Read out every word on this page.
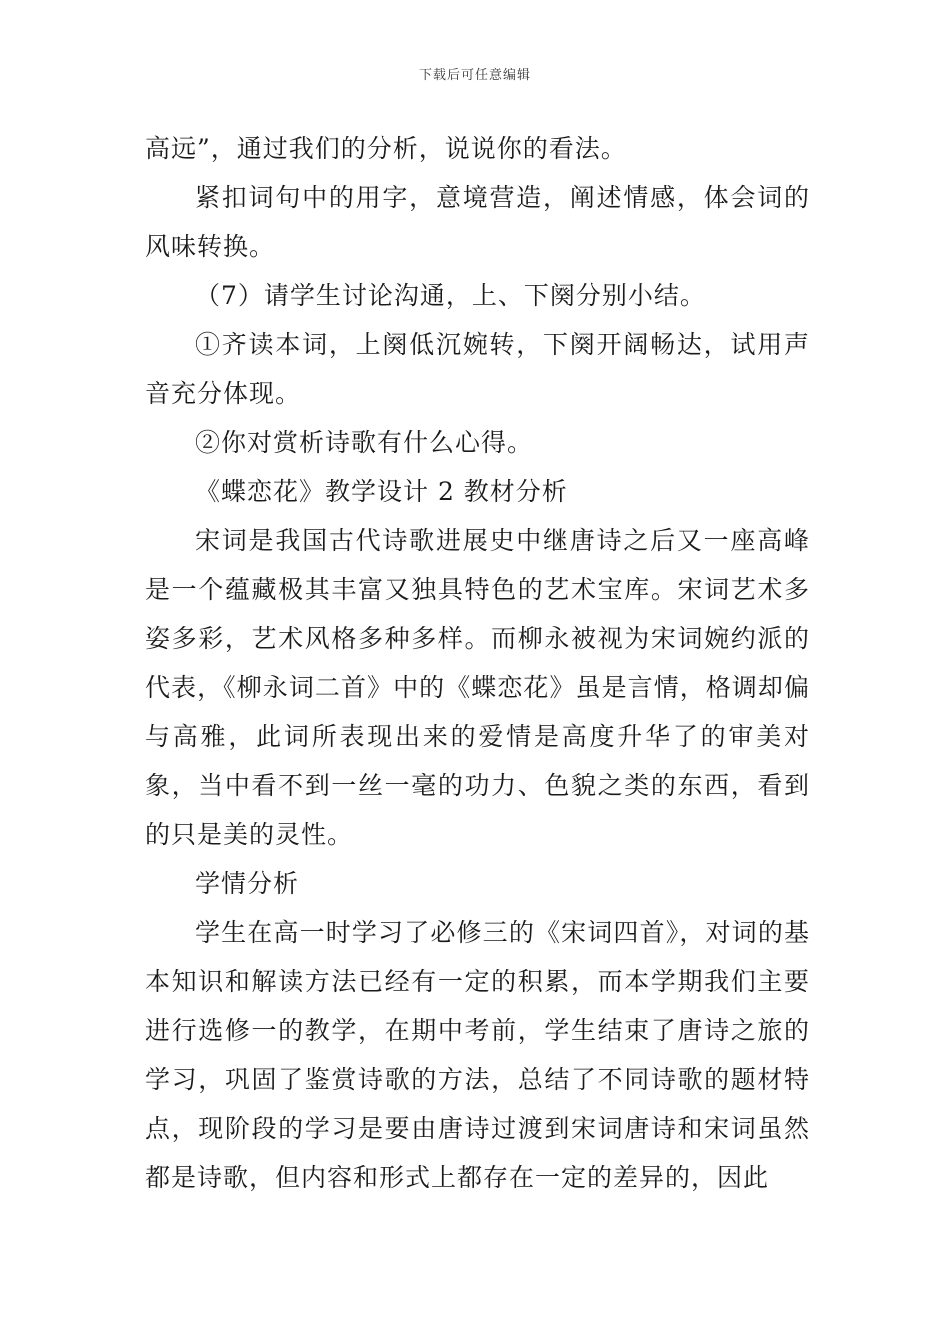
下载后可任意编辑

高远”，通过我们的分析，说说你的看法。

紧扣词句中的用字，意境营造，阐述情感，体会词的风味转换。

（7）请学生讨论沟通，上、下阕分别小结。

①齐读本词，上阕低沉婉转，下阕开阔畅达，试用声音充分体现。

②你对赏析诗歌有什么心得。

《蝶恋花》教学设计 2 教材分析

宋词是我国古代诗歌进展史中继唐诗之后又一座高峰是一个蕴藏极其丰富又独具特色的艺术宝库。宋词艺术多姿多彩，艺术风格多种多样。而柳永被视为宋词婉约派的代表，《柳永词二首》中的《蝶恋花》虽是言情，格调却偏与高雅，此词所表现出来的爱情是高度升华了的审美对象，当中看不到一丝一毫的功力、色貌之类的东西，看到的只是美的灵性。

学情分析

学生在高一时学习了必修三的《宋词四首》，对词的基本知识和解读方法已经有一定的积累，而本学期我们主要进行选修一的教学，在期中考前，学生结束了唐诗之旅的学习，巩固了鉴赏诗歌的方法，总结了不同诗歌的题材特点，现阶段的学习是要由唐诗过渡到宋词唐诗和宋词虽然都是诗歌，但内容和形式上都存在一定的差异的，因此
